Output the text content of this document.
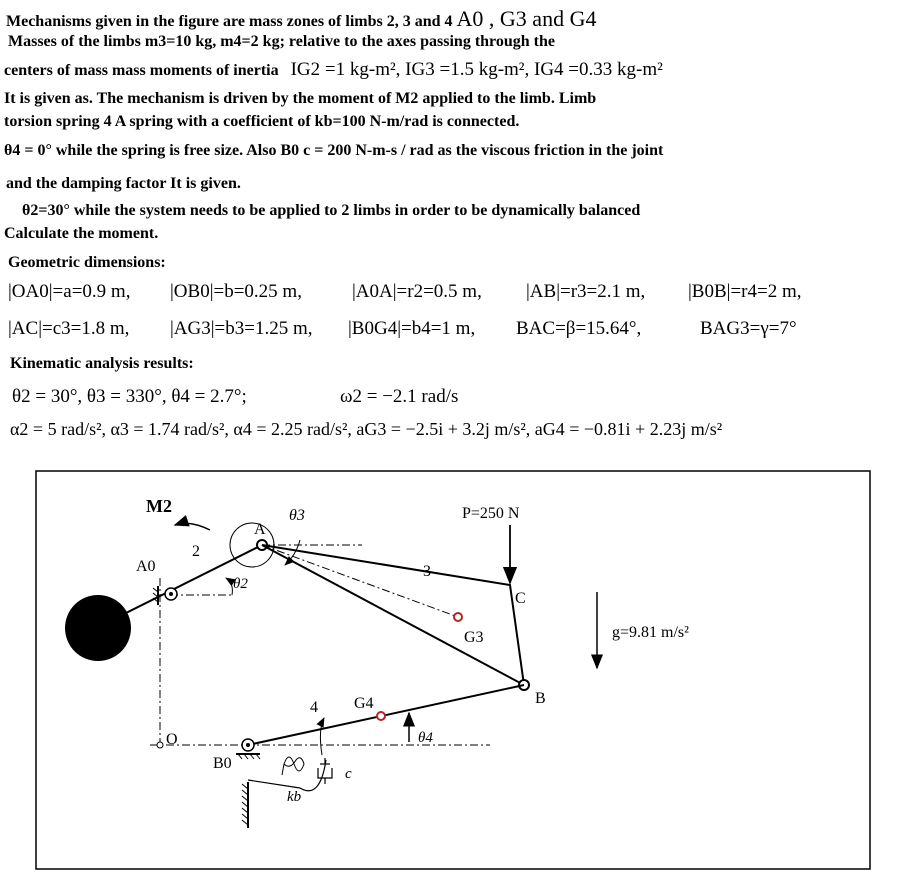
Mechanisms given in the figure are mass zones of limbs 2, 3 and 4 A0 , G3 and G4
Masses of the limbs m3=10 kg, m4=2 kg; relative to the axes passing through the
centers of mass mass moments of inertia IG2 =1 kg-m², IG3 =1.5 kg-m², IG4 =0.33 kg-m²
It is given as. The mechanism is driven by the moment of M2 applied to the limb. Limb
torsion spring 4 A spring with a coefficient of kb=100 N-m/rad is connected.
θ4 = 0° while the spring is free size. Also B0 c = 200 N-m-s / rad as the viscous friction in the joint
and the damping factor It is given.
θ2=30° while the system needs to be applied to 2 limbs in order to be dynamically balanced
Calculate the moment.
Geometric dimensions:
|OA0|=a=0.9 m, |OB0|=b=0.25 m,	|A0A|=r2=0.5 m, |AB|=r3=2.1 m, |B0B|=r4=2 m,
|AC|=c3=1.8 m, |AG3|=b3=1.25 m, |B0G4|=b4=1 m, BAC=β=15.64°,	BAG3=γ=7°
Kinematic analysis results:
θ2 = 30°, θ3 = 330°, θ4 = 2.7°;	ω2 = −2.1 rad/s
α2 = 5 rad/s², α3 = 1.74 rad/s², α4 = 2.25 rad/s², aG3 = −2.5i + 3.2j m/s², aG4 = −0.81i + 2.23j m/s²
M2
2
A0
A
θ3
θ2
3
P=250 N
C
G3	g=9.81 m/s²
B
4 G4
θ4
O
B0
kb
c
